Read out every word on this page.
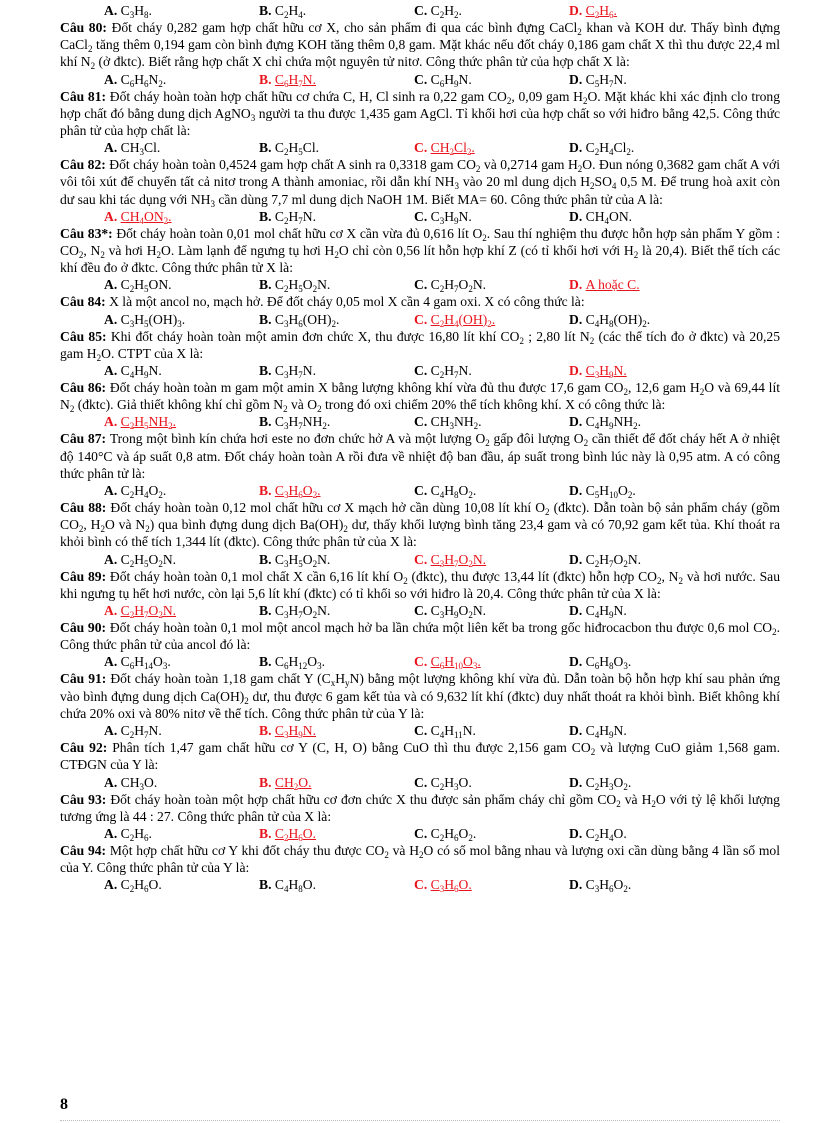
A. $C_3H_8$.	B. $C_2H_4$.	C. $C_2H_2$.	D. $C_2H_6$.

Câu 80: Đốt cháy 0,282 gam hợp chất hữu cơ X, cho sản phẩm đi qua các bình đựng CaCl$_2$ khan và KOH dư. Thấy bình đựng CaCl$_2$ tăng thêm 0,194 gam còn bình đựng KOH tăng thêm 0,8 gam. Mặt khác nếu đốt cháy 0,186 gam chất X thì thu được 22,4 ml khí $N_2$ (ở đktc). Biết rằng hợp chất X chỉ chứa một nguyên tử nitơ. Công thức phân tử của hợp chất X là:

A. $C_6H_6N_2$.	B. $C_6H_7N$.	C. $C_6H_9N$.	D. $C_5H_7N$.

Câu 81: Đốt cháy hoàn toàn hợp chất hữu cơ chứa C, H, Cl sinh ra 0,22 gam $CO_2$, 0,09 gam $H_2O$. Mặt khác khi xác định clo trong hợp chất đó bằng dung dịch AgNO$_3$ người ta thu được 1,435 gam AgCl. Tỉ khối hơi của hợp chất so với hiđro bằng 42,5. Công thức phân tử của hợp chất là:

A. $CH_3Cl$.	B. $C_2H_5Cl$.	C. $CH_2Cl_2$.	D. $C_2H_4Cl_2$.

Câu 82: Đốt cháy hoàn toàn 0,4524 gam hợp chất A sinh ra 0,3318 gam $CO_2$ và 0,2714 gam $H_2O$. Đun nóng 0,3682 gam chất A với vôi tôi xút để chuyển tất cả nitơ trong A thành amoniac, rồi dẫn khí $NH_3$ vào 20 ml dung dịch $H_2SO_4$ 0,5 M. Để trung hoà axit còn dư sau khi tác dụng với $NH_3$ cần dùng 7,7 ml dung dịch NaOH 1M. Biết MA= 60. Công thức phân tử của A là:

A. $CH_4ON_2$.	B. $C_2H_7N$.	C. $C_3H_9N$.	D. $CH_4ON$.

Câu 83*: Đốt cháy hoàn toàn 0,01 mol chất hữu cơ X cần vừa đủ 0,616 lít $O_2$. Sau thí nghiệm thu được hỗn hợp sản phẩm Y gồm : $CO_2$, $N_2$ và hơi $H_2O$. Làm lạnh để ngưng tụ hơi $H_2O$ chỉ còn 0,56 lít hỗn hợp khí Z (có tỉ khối hơi với $H_2$ là 20,4). Biết thể tích các khí đều đo ở đktc. Công thức phân tử X là:

A. $C_2H_5ON$.	B. $C_2H_5O_2N$.	C. $C_2H_7O_2N$.	D. A hoặc C.

Câu 84: X là một ancol no, mạch hở. Để đốt cháy 0,05 mol X cần 4 gam oxi. X có công thức là:

A. $C_3H_5(OH)_3$.	B. $C_3H_6(OH)_2$.	C. $C_2H_4(OH)_2$.	D. $C_4H_8(OH)_2$.

Câu 85: Khi đốt cháy hoàn toàn một amin đơn chức X, thu được 16,80 lít khí $CO_2$ ; 2,80 lít $N_2$ (các thể tích đo ở đktc) và 20,25 gam $H_2O$. CTPT của X là:

A. $C_4H_9N$.	B. $C_3H_7N$.	C. $C_2H_7N$.	D. $C_3H_9N$.

Câu 86: Đốt cháy hoàn toàn m gam một amin X bằng lượng không khí vừa đủ thu được 17,6 gam $CO_2$, 12,6 gam $H_2O$ và 69,44 lít $N_2$ (đktc). Giả thiết không khí chỉ gồm $N_2$ và $O_2$ trong đó oxi chiếm 20% thể tích không khí. X có công thức là:

A. $C_2H_5NH_2$.	B. $C_3H_7NH_2$.	C. $CH_3NH_2$.	D. $C_4H_9NH_2$.

Câu 87: Trong một bình kín chứa hơi este no đơn chức hở A và một lượng $O_2$ gấp đôi lượng $O_2$ cần thiết để đốt cháy hết A ở nhiệt độ 140°C và áp suất 0,8 atm. Đốt cháy hoàn toàn A rồi đưa về nhiệt độ ban đầu, áp suất trong bình lúc này là 0,95 atm. A có công thức phân tử là:

A. $C_2H_4O_2$.	B. $C_3H_6O_2$.	C. $C_4H_8O_2$.	D. $C_5H_{10}O_2$.

Câu 88: Đốt cháy hoàn toàn 0,12 mol chất hữu cơ X mạch hở cần dùng 10,08 lít khí $O_2$ (đktc). Dẫn toàn bộ sản phẩm cháy (gồm $CO_2$, $H_2O$ và $N_2$) qua bình đựng dung dịch $Ba(OH)_2$ dư, thấy khối lượng bình tăng 23,4 gam và có 70,92 gam kết tủa. Khí thoát ra khỏi bình có thể tích 1,344 lít (đktc). Công thức phân tử của X là:

A. $C_2H_5O_2N$.	B. $C_3H_5O_2N$.	C. $C_3H_7O_2N$.	D. $C_2H_7O_2N$.

Câu 89: Đốt cháy hoàn toàn 0,1 mol chất X cần 6,16 lít khí $O_2$ (đktc), thu được 13,44 lít (đktc) hỗn hợp $CO_2$, $N_2$ và hơi nước. Sau khi ngưng tụ hết hơi nước, còn lại 5,6 lít khí (đktc) có tỉ khối so với hiđro là 20,4. Công thức phân tử của X là:

A. $C_2H_7O_2N$.	B. $C_3H_7O_2N$.	C. $C_3H_9O_2N$.	D. $C_4H_9N$.

Câu 90: Đốt cháy hoàn toàn 0,1 mol một ancol mạch hở ba lần chứa một liên kết ba trong gốc hiđrocacbon thu được 0,6 mol $CO_2$. Công thức phân tử của ancol đó là:

A. $C_6H_{14}O_3$.	B. $C_6H_{12}O_3$.	C. $C_6H_{10}O_3$.	D. $C_6H_8O_3$.

Câu 91: Đốt cháy hoàn toàn 1,18 gam chất Y $(C_xH_yN)$ bằng một lượng không khí vừa đủ. Dẫn toàn bộ hỗn hợp khí sau phản ứng vào bình đựng dung dịch $Ca(OH)_2$ dư, thu được 6 gam kết tủa và có 9,632 lít khí (đktc) duy nhất thoát ra khỏi bình. Biết không khí chứa 20% oxi và 80% nitơ về thể tích. Công thức phân tử của Y là:

A. $C_2H_7N$.	B. $C_3H_9N$.	C. $C_4H_{11}N$.	D. $C_4H_9N$.

Câu 92: Phân tích 1,47 gam chất hữu cơ Y (C, H, O) bằng CuO thì thu được 2,156 gam $CO_2$ và lượng CuO giảm 1,568 gam. CTĐGN của Y là:

A. $CH_3O$.	B. $CH_2O$.	C. $C_2H_3O$.	D. $C_2H_3O_2$.

Câu 93: Đốt cháy hoàn toàn một hợp chất hữu cơ đơn chức X thu được sản phẩm cháy chỉ gồm $CO_2$ và $H_2O$ với tỷ lệ khối lượng tương ứng là 44 : 27. Công thức phân tử của X là:

A. $C_2H_6$.	B. $C_2H_6O$.	C. $C_2H_6O_2$.	D. $C_2H_4O$.

Câu 94: Một hợp chất hữu cơ Y khi đốt cháy thu được $CO_2$ và $H_2O$ có số mol bằng nhau và lượng oxi cần dùng bằng 4 lần số mol của Y. Công thức phân tử của Y là:

A. $C_2H_6O$.	B. $C_4H_8O$.	C. $C_3H_6O$.	D. $C_3H_6O_2$.
8
